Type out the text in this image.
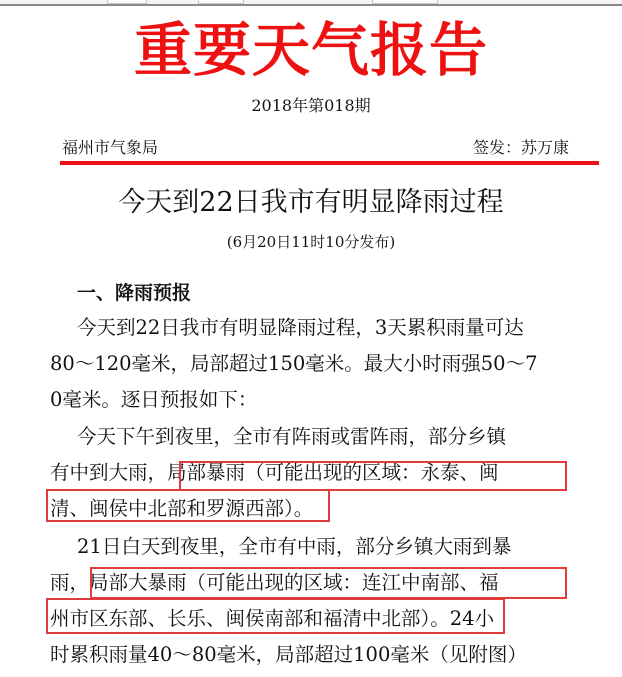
重要天气报告
2018年第018期
福州市气象局	签发：苏万康
今天到22日我市有明显降雨过程
(6月20日11时10分发布)
一、降雨预报
今天到22日我市有明显降雨过程，3天累积雨量可达
80～120毫米，局部超过150毫米。最大小时雨强50～7
0毫米。逐日预报如下：
今天下午到夜里，全市有阵雨或雷阵雨，部分乡镇
有中到大雨，局部暴雨（可能出现的区域：永泰、闽
清、闽侯中北部和罗源西部）。
21日白天到夜里，全市有中雨，部分乡镇大雨到暴
雨，局部大暴雨（可能出现的区域：连江中南部、福
州市区东部、长乐、闽侯南部和福清中北部）。24小
时累积雨量40～80毫米，局部超过100毫米（见附图）
